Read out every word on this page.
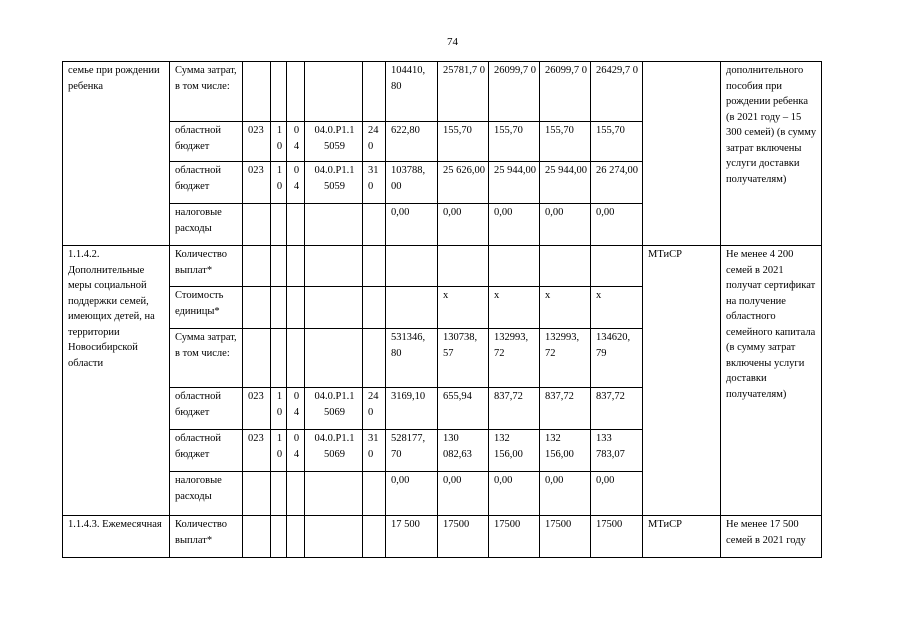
74
семье при рождении ребенка	Сумма затрат, в том числе:						104410, 80	25781,7 0	26099,7 0	26099,7 0	26429,7 0		дополнительного пособия при рождении ребенка (в 2021 году – 15 300 семей) (в сумму затрат включены услуги доставки получателям)
	областной бюджет	023	1 0	0 4	04.0.P1.1 5059	24 0	622,80	155,70	155,70	155,70	155,70		
	областной бюджет	023	1 0	0 4	04.0.P1.1 5059	31 0	103788, 00	25 626,00	25 944,00	25 944,00	26 274,00		
	налоговые расходы						0,00	0,00	0,00	0,00	0,00		
1.1.4.2. Дополнительные меры социальной поддержки семей, имеющих детей, на территории Новосибирской области	Количество выплат*											МТиСР	Не менее 4 200 семей в 2021 получат сертификат на получение областного семейного капитала (в сумму затрат включены услуги доставки получателям)
	Стоимость единицы*							x	x	x	x		
	Сумма затрат, в том числе:						531346, 80	130738, 57	132993, 72	132993, 72	134620, 79		
	областной бюджет	023	1 0	0 4	04.0.P1.1 5069	24 0	3169,10	655,94	837,72	837,72	837,72		
	областной бюджет	023	1 0	0 4	04.0.P1.1 5069	31 0	528177, 70	130 082,63	132 156,00	132 156,00	133 783,07		
	налоговые расходы						0,00	0,00	0,00	0,00	0,00		
1.1.4.3. Ежемесячная	Количество выплат*						17 500	17500	17500	17500	17500	МТиСР	Не менее 17 500 семей в 2021 году
